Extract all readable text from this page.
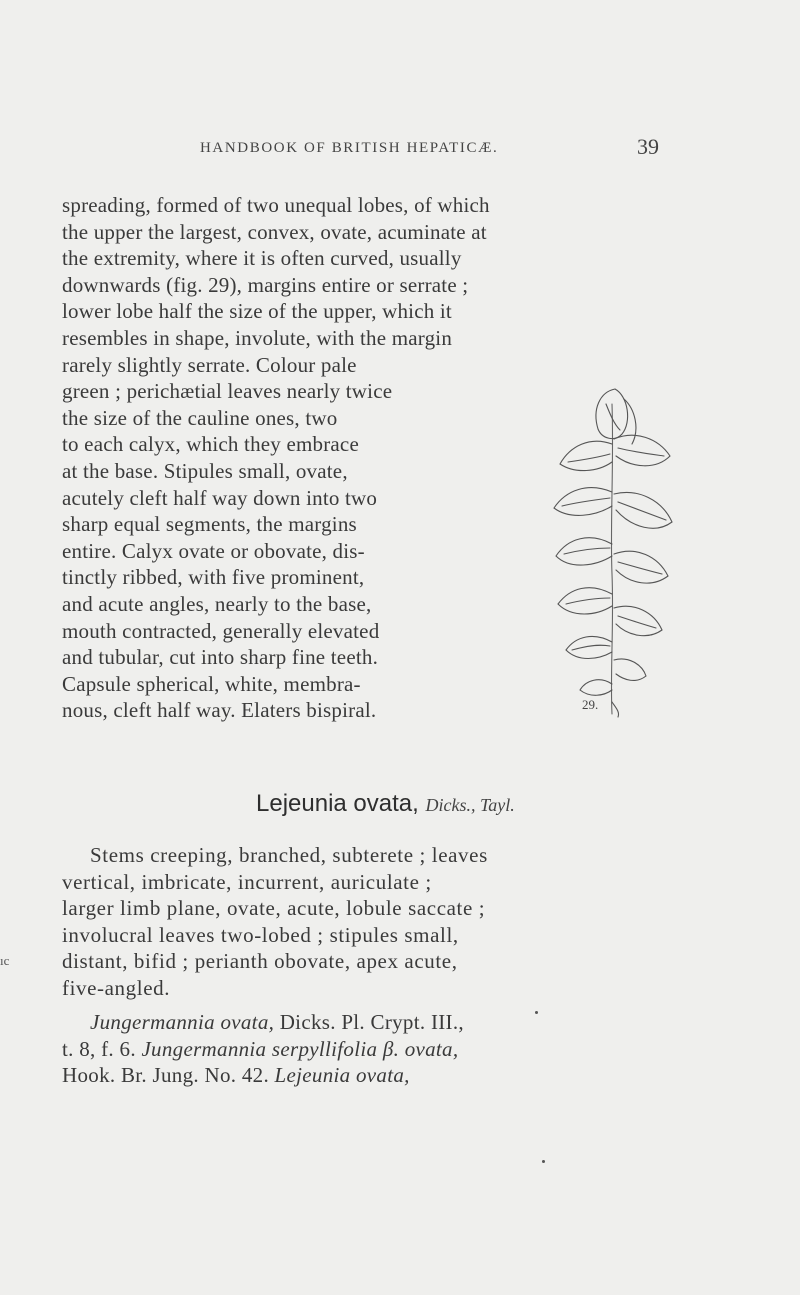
HANDBOOK OF BRITISH HEPATICÆ.	39
spreading, formed of two unequal lobes, of which
the upper the largest, convex, ovate, acuminate at
the extremity, where it is often curved, usually
downwards (fig. 29), margins entire or serrate ;
lower lobe half the size of the upper, which it
resembles in shape, involute, with the margin
rarely slightly serrate. Colour pale
green ; perichætial leaves nearly twice
the size of the cauline ones, two
to each calyx, which they embrace
at the base. Stipules small, ovate,
acutely cleft half way down into two
sharp equal segments, the margins
entire. Calyx ovate or obovate, dis-
tinctly ribbed, with five prominent,
and acute angles, nearly to the base,
mouth contracted, generally elevated
and tubular, cut into sharp fine teeth.
Capsule spherical, white, membra-
nous, cleft half way. Elaters bispiral.	29.
Lejeunia ovata, Dicks., Tayl.
Stems creeping, branched, subterete ; leaves
vertical, imbricate, incurrent, auriculate ;
larger limb plane, ovate, acute, lobule saccate ;
involucral leaves two-lobed ; stipules small,
distant, bifid ; perianth obovate, apex acute,
five-angled.
Jungermannia ovata, Dicks. Pl. Crypt. III.,
t. 8, f. 6. Jungermannia serpyllifolia β. ovata,
Hook. Br. Jung. No. 42. Lejeunia ovata,
ıc
